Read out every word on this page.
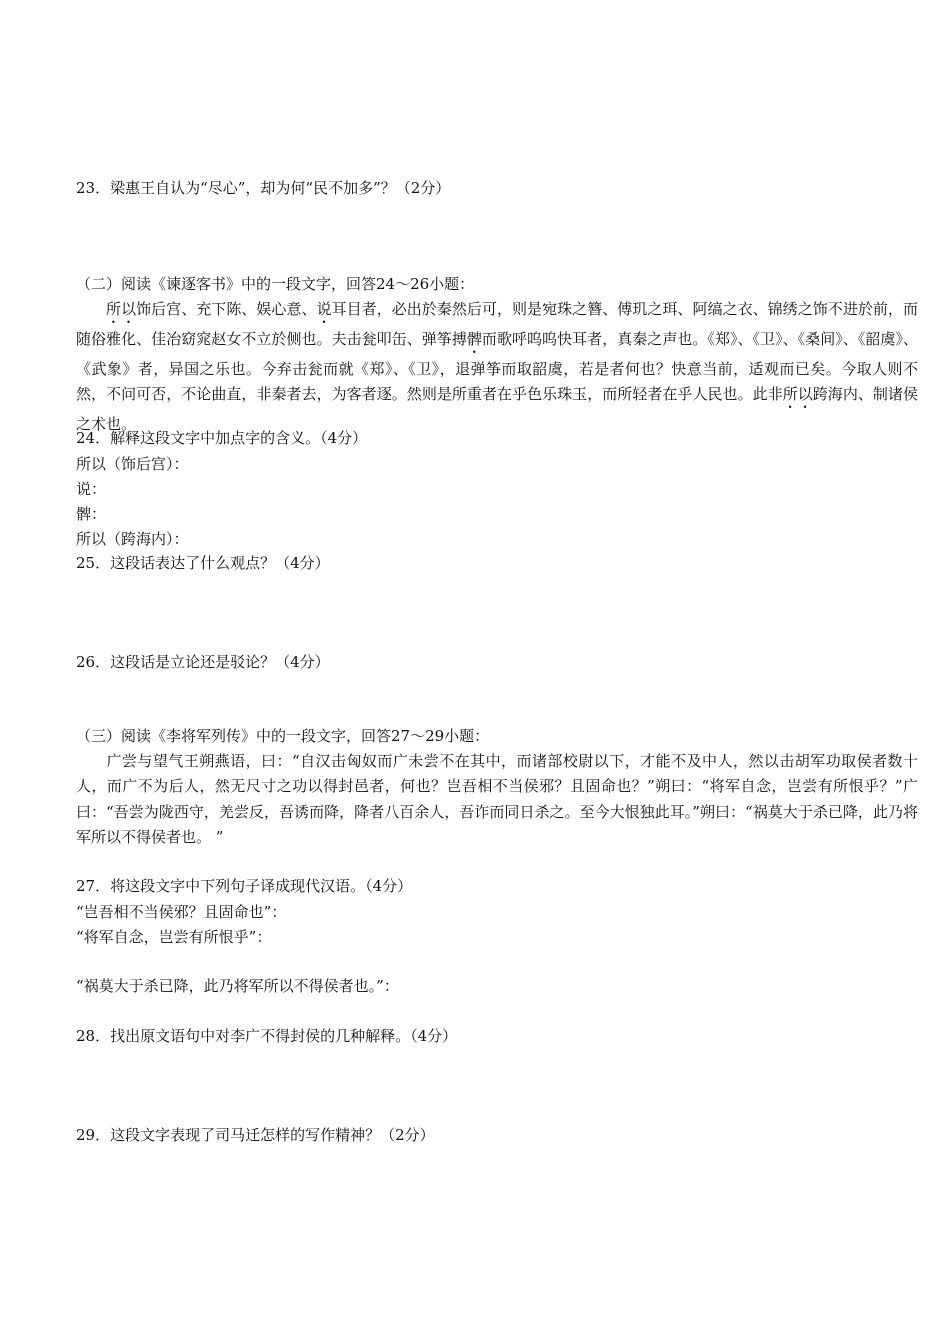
23．梁惠王自认为“尽心”，却为何“民不加多”？（2分）
（二）阅读《谏逐客书》中的一段文字，回答24～26小题：
所以饰后宫、充下陈、娱心意、说耳目者，必出於秦然后可，则是宛珠之簪、傅玑之珥、阿缟之衣、锦绣之饰不进於前，而随俗雅化、佳冶窈窕赵女不立於侧也。夫击瓮叩缶、弹筝搏髀而歌呼呜呜快耳者，真秦之声也。《郑》、《卫》、《桑间》、《韶虞》、《武象》者，异国之乐也。今弃击瓮而就《郑》、《卫》，退弹筝而取韶虞，若是者何也？快意当前，适观而已矣。今取人则不然，不问可否，不论曲直，非秦者去，为客者逐。然则是所重者在乎色乐珠玉，而所轻者在乎人民也。此非所以跨海内、制诸侯之术也。
24．解释这段文字中加点字的含义。（4分）
所以（饰后宫）：
说：
髀：
所以（跨海内）：
25．这段话表达了什么观点？（4分）
26．这段话是立论还是驳论？（4分）
（三）阅读《李将军列传》中的一段文字，回答27～29小题：
广尝与望气王朔燕语，曰：“自汉击匈奴而广未尝不在其中，而诸部校尉以下，才能不及中人，然以击胡军功取侯者数十人，而广不为后人，然无尺寸之功以得封邑者，何也？岂吾相不当侯邪？且固命也？”朔曰：“将军自念，岂尝有所恨乎？”广曰：“吾尝为陇西守，羌尝反，吾诱而降，降者八百余人，吾诈而同日杀之。至今大恨独此耳。”朔曰：“祸莫大于杀已降，此乃将军所以不得侯者也。 ”
27．将这段文字中下列句子译成现代汉语。（4分）
“岂吾相不当侯邪？且固命也”：
“将军自念，岂尝有所恨乎”：
“祸莫大于杀已降，此乃将军所以不得侯者也。”：
28．找出原文语句中对李广不得封侯的几种解释。（4分）
29．这段文字表现了司马迁怎样的写作精神？（2分）
